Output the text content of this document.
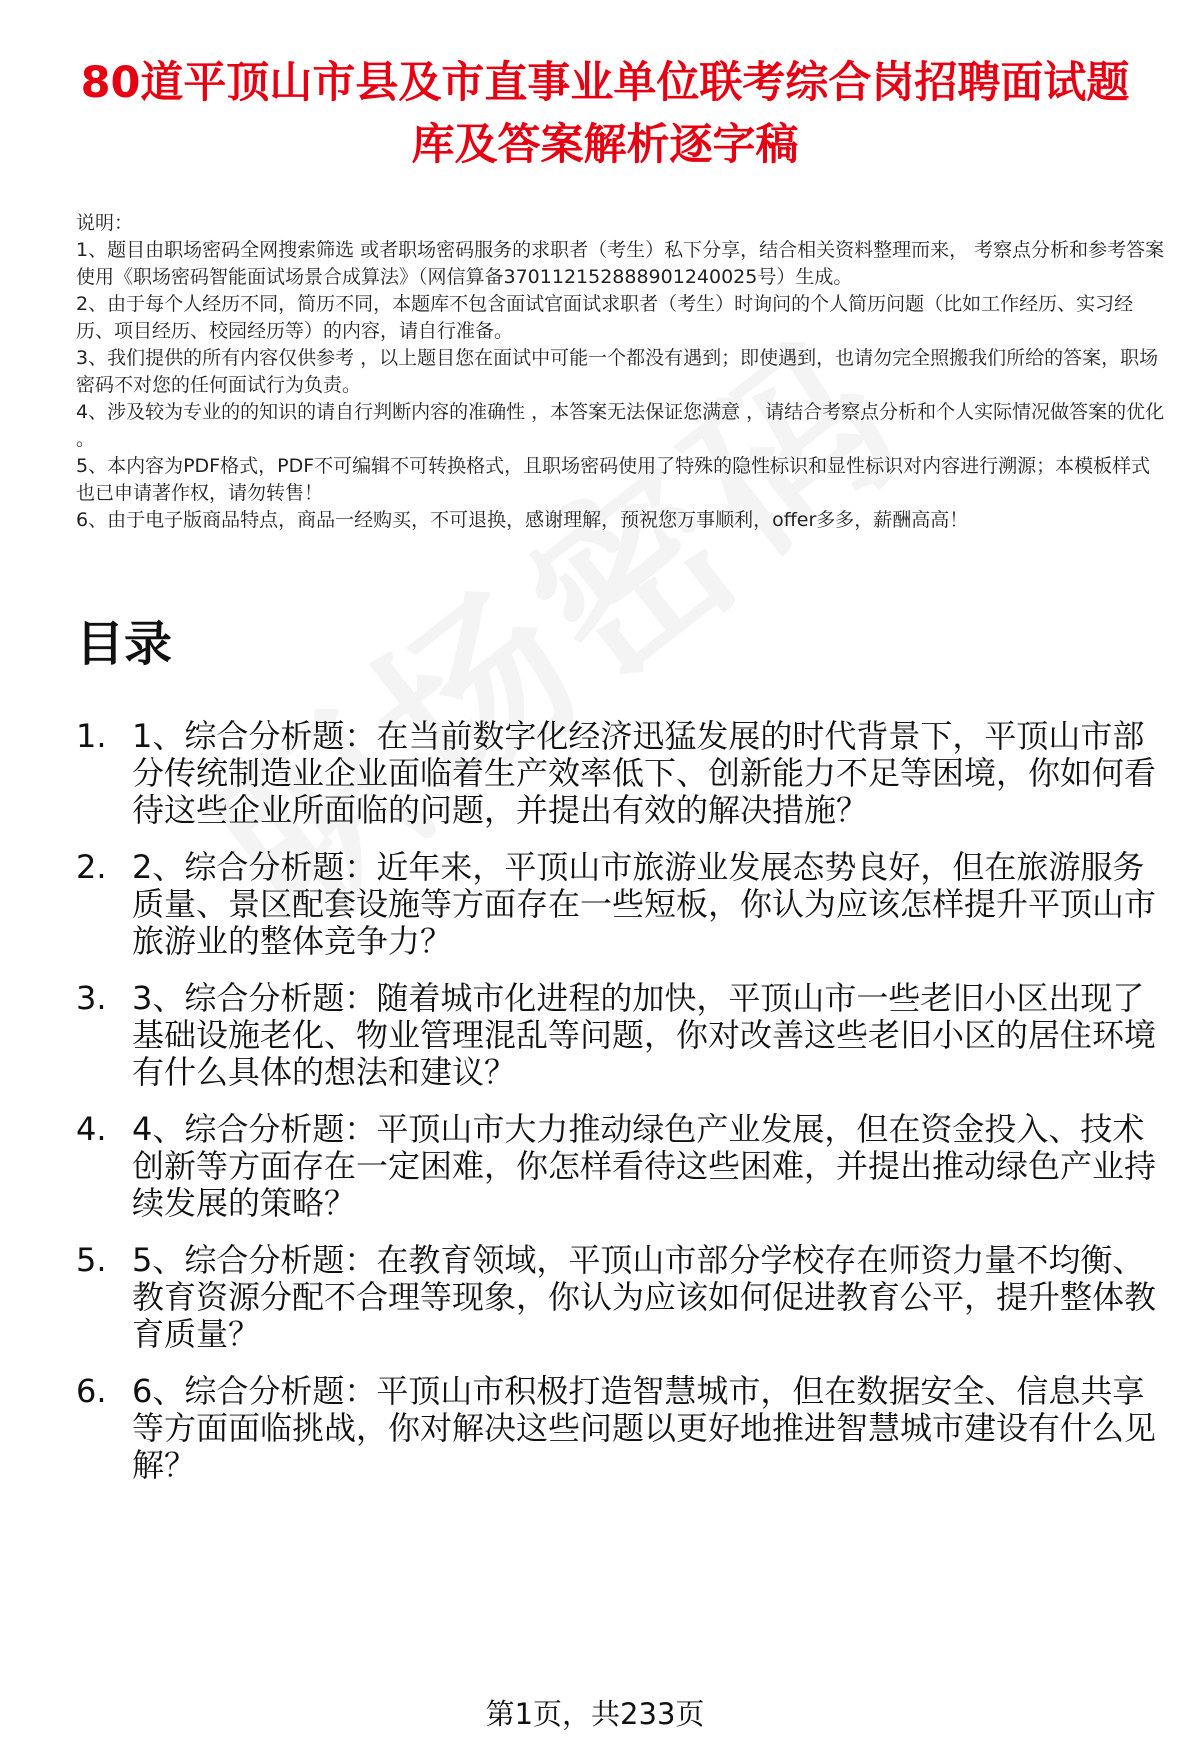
80道平顶山市县及市直事业单位联考综合岗招聘面试题库及答案解析逐字稿

说明：

1、题目由职场密码全网搜索筛选 或者职场密码服务的求职者（考生）私下分享，结合相关资料整理而来， 考察点分析和参考答案使用《职场密码智能面试场景合成算法》（网信算备370112152888901240025号）生成。

2、由于每个人经历不同，简历不同，本题库不包含面试官面试求职者（考生）时询问的个人简历问题（比如工作经历、实习经历、项目经历、校园经历等）的内容，请自行准备。

3、我们提供的所有内容仅供参考 ，以上题目您在面试中可能一个都没有遇到；即使遇到，也请勿完全照搬我们所给的答案，职场密码不对您的任何面试行为负责。

4、涉及较为专业的的知识的请自行判断内容的准确性 ，本答案无法保证您满意 ，请结合考察点分析和个人实际情况做答案的优化 。

5、本内容为PDF格式，PDF不可编辑不可转换格式，且职场密码使用了特殊的隐性标识和显性标识对内容进行溯源；本模板样式也已申请著作权，请勿转售！

6、由于电子版商品特点，商品一经购买，不可退换，感谢理解，预祝您万事顺利，offer多多，薪酬高高！

目录
1. 1、综合分析题：在当前数字化经济迅猛发展的时代背景下，平顶山市部分传统制造业企业面临着生产效率低下、创新能力不足等困境，你如何看待这些企业所面临的问题，并提出有效的解决措施？
2. 2、综合分析题：近年来，平顶山市旅游业发展态势良好，但在旅游服务质量、景区配套设施等方面存在一些短板，你认为应该怎样提升平顶山市旅游业的整体竞争力？
3. 3、综合分析题：随着城市化进程的加快，平顶山市一些老旧小区出现了基础设施老化、物业管理混乱等问题，你对改善这些老旧小区的居住环境有什么具体的想法和建议？
4. 4、综合分析题：平顶山市大力推动绿色产业发展，但在资金投入、技术创新等方面存在一定困难，你怎样看待这些困难，并提出推动绿色产业持续发展的策略？
5. 5、综合分析题：在教育领域，平顶山市部分学校存在师资力量不均衡、教育资源分配不合理等现象，你认为应该如何促进教育公平，提升整体教育质量？
6. 6、综合分析题：平顶山市积极打造智慧城市，但在数据安全、信息共享等方面面临挑战，你对解决这些问题以更好地推进智慧城市建设有什么见解？
第1页，共233页
